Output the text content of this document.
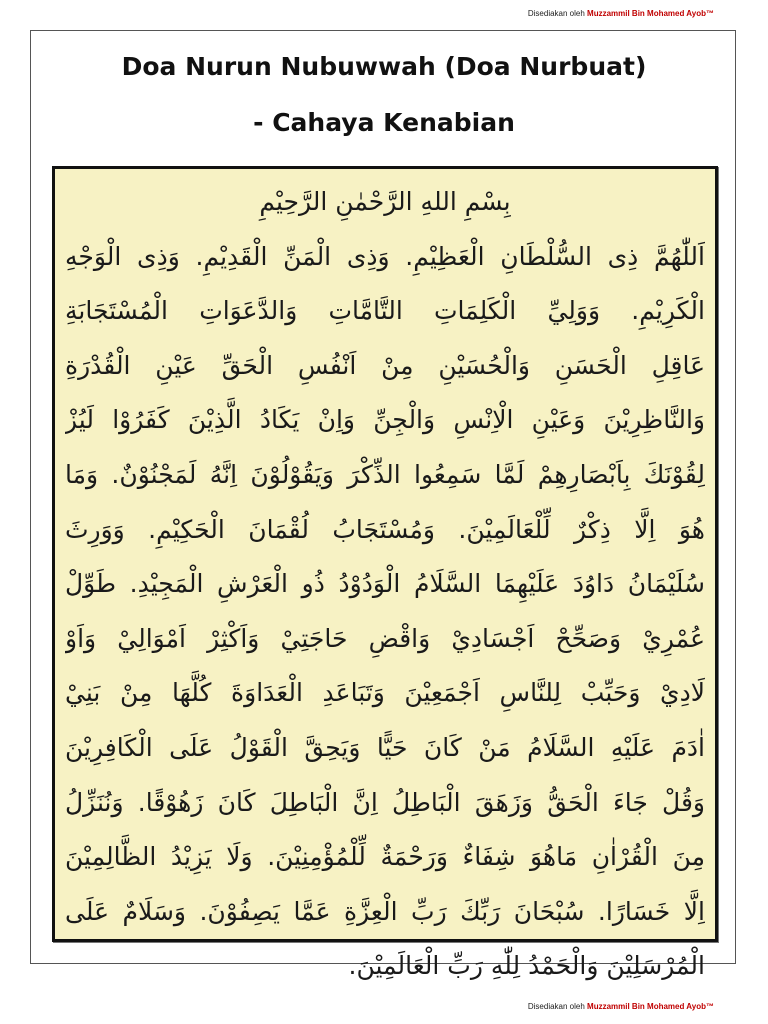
Disediakan oleh Muzzammil Bin Mohamed Ayob™
Doa Nurun Nubuwwah (Doa Nurbuat)
- Cahaya Kenabian
بِسْمِ اللهِ الرَّحْمٰنِ الرَّحِيْمِ
اَللّٰهُمَّ ذِى السُّلْطَانِ الْعَظِيْمِ. وَذِى الْمَنِّ الْقَدِيْمِ. وَذِى الْوَجْهِ
الْكَرِيْمِ. وَوَلِيِّ الْكَلِمَاتِ التَّامَّاتِ وَالدَّعَوَاتِ الْمُسْتَجَابَةِ
عَاقِلِ الْحَسَنِ وَالْحُسَيْنِ مِنْ اَنْفُسِ الْحَقِّ عَيْنِ الْقُدْرَةِ
وَالنَّاظِرِيْنَ وَعَيْنِ الْاِنْسِ وَالْجِنِّ وَاِنْ يَكَادُ الَّذِيْنَ كَفَرُوْا لَيُزْ
لِقُوْنَكَ بِاَبْصَارِهِمْ لَمَّا سَمِعُوا الذِّكْرَ وَيَقُوْلُوْنَ اِنَّهُ لَمَجْنُوْنٌ. وَمَا
هُوَ اِلَّا ذِكْرٌ لِّلْعَالَمِيْنَ. وَمُسْتَجَابُ لُقْمَانَ الْحَكِيْمِ. وَوَرِثَ
سُلَيْمَانُ دَاوُدَ عَلَيْهِمَا السَّلَامُ الْوَدُوْدُ ذُو الْعَرْشِ الْمَجِيْدِ. طَوِّلْ
عُمْرِيْ وَصَحِّحْ اَجْسَادِيْ وَاقْضِ حَاجَتِيْ وَاَكْثِرْ اَمْوَالِيْ وَاَوْ
لَادِيْ وَحَبِّبْ لِلنَّاسِ اَجْمَعِيْنَ وَتَبَاعَدِ الْعَدَاوَةَ كُلَّهَا مِنْ بَنِيْ
اٰدَمَ عَلَيْهِ السَّلَامُ مَنْ كَانَ حَيًّا وَيَحِقَّ الْقَوْلُ عَلَى الْكَافِرِيْنَ
وَقُلْ جَاءَ الْحَقُّ وَزَهَقَ الْبَاطِلُ اِنَّ الْبَاطِلَ كَانَ زَهُوْقًا. وَنُنَزِّلُ
مِنَ الْقُرْاٰنِ مَاهُوَ شِفَاءٌ وَرَحْمَةٌ لِّلْمُؤْمِنِيْنَ. وَلَا يَزِيْدُ الظَّالِمِيْنَ
اِلَّا خَسَارًا. سُبْحَانَ رَبِّكَ رَبِّ الْعِزَّةِ عَمَّا يَصِفُوْنَ. وَسَلَامٌ عَلَى
الْمُرْسَلِيْنَ وَالْحَمْدُ لِلّٰهِ رَبِّ الْعَالَمِيْنَ.
Disediakan oleh Muzzammil Bin Mohamed Ayob™
